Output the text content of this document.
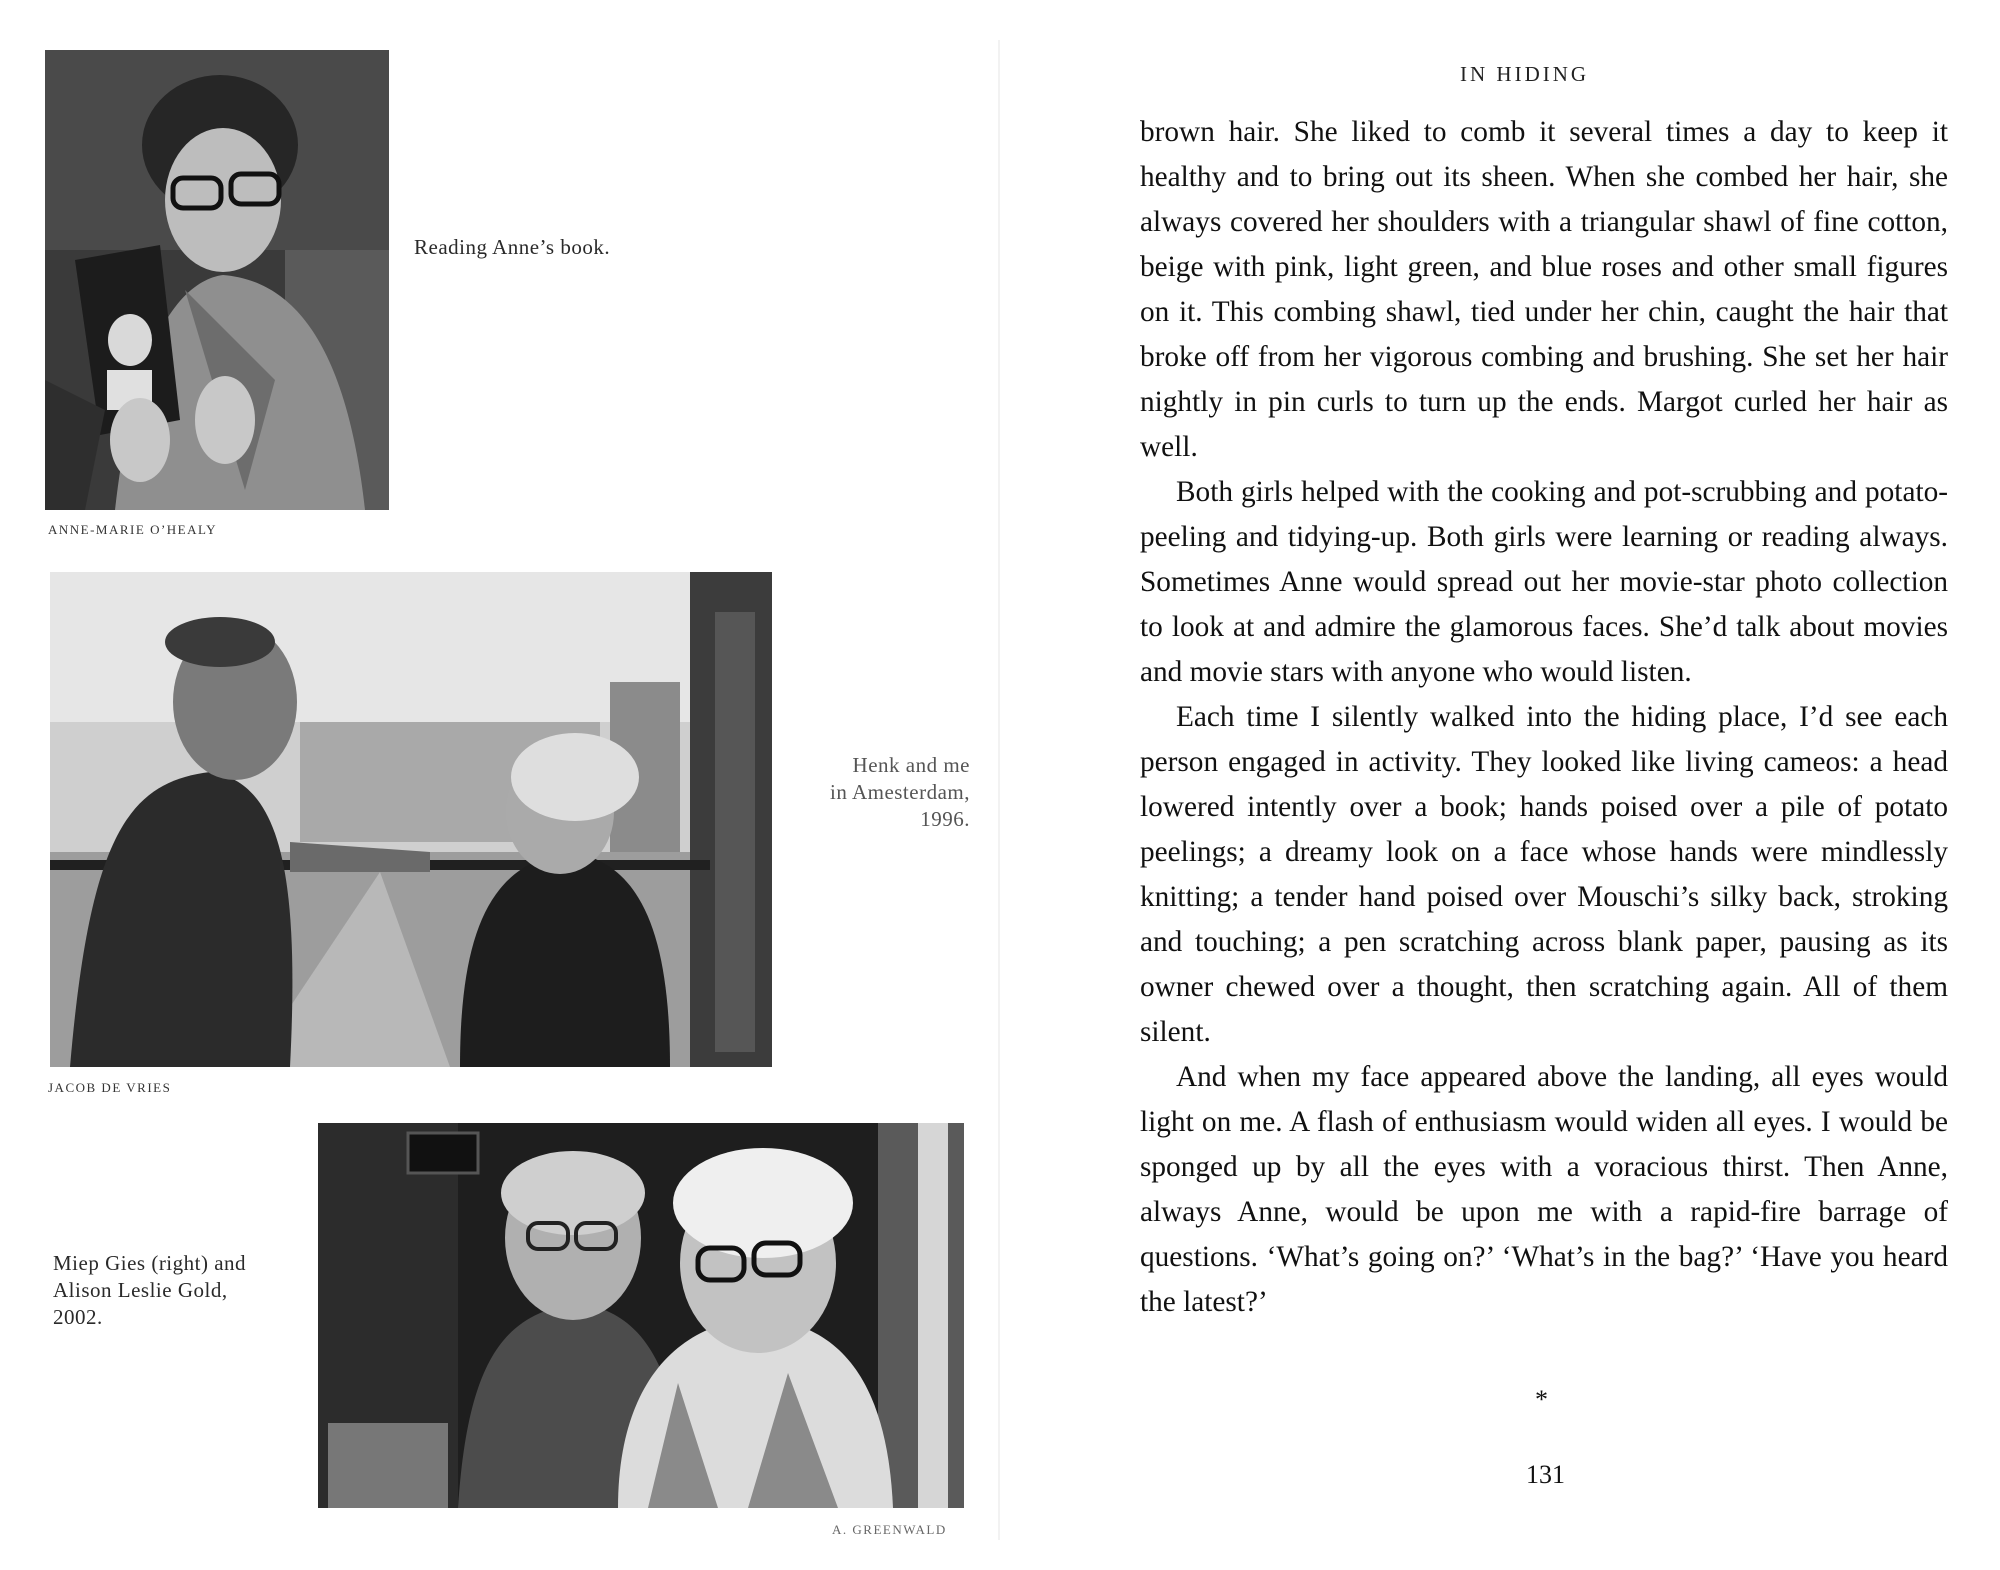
Reading Anne’s book.
ANNE-MARIE O’HEALY
Henk and me
in Amesterdam,
1996.
JACOB DE VRIES
Miep Gies (right) and
Alison Leslie Gold,
2002.
A. GREENWALD
IN HIDING

brown hair. She liked to comb it several times a day to keep it healthy and to bring out its sheen. When she combed her hair, she always covered her shoulders with a triangular shawl of fine cotton, beige with pink, light green, and blue roses and other small figures on it. This combing shawl, tied under her chin, caught the hair that broke off from her vigorous combing and brushing. She set her hair nightly in pin curls to turn up the ends. Margot curled her hair as well.

Both girls helped with the cooking and pot-scrubbing and potato-peeling and tidying-up. Both girls were learning or reading always. Sometimes Anne would spread out her movie-star photo collection to look at and admire the glamorous faces. She’d talk about movies and movie stars with anyone who would listen.

Each time I silently walked into the hiding place, I’d see each person engaged in activity. They looked like living cameos: a head lowered intently over a book; hands poised over a pile of potato peelings; a dreamy look on a face whose hands were mindlessly knitting; a tender hand poised over Mouschi’s silky back, stroking and touching; a pen scratching across blank paper, pausing as its owner chewed over a thought, then scratching again. All of them silent.

And when my face appeared above the landing, all eyes would light on me. A flash of enthusiasm would widen all eyes. I would be sponged up by all the eyes with a voracious thirst. Then Anne, always Anne, would be upon me with a rapid-fire barrage of questions. ‘What’s going on?’ ‘What’s in the bag?’ ‘Have you heard the latest?’

*
131
